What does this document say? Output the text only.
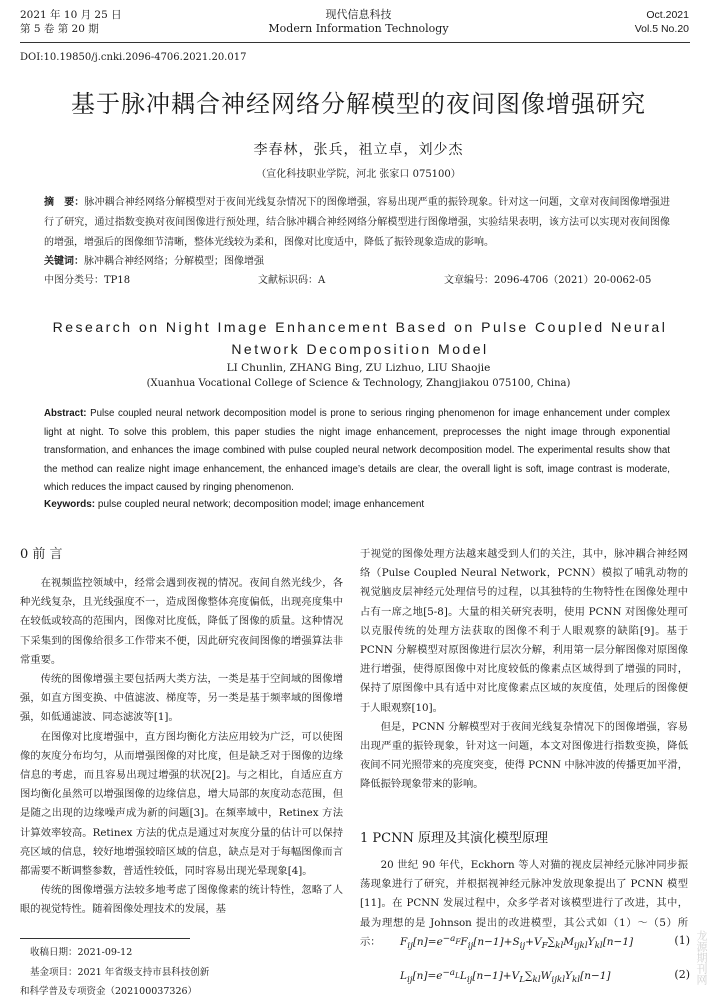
2021 年 10 月 25 日
第 5 卷 第 20 期
现代信息科技
Modern Information Technology
Oct.2021
Vol.5 No.20
DOI:10.19850/j.cnki.2096-4706.2021.20.017
基于脉冲耦合神经网络分解模型的夜间图像增强研究
李春林，张兵，祖立卓，刘少杰
（宣化科技职业学院，河北 张家口 075100）
摘　要：脉冲耦合神经网络分解模型对于夜间光线复杂情况下的图像增强，容易出现严重的振铃现象。针对这一问题，文章对夜间图像增强进行了研究，通过指数变换对夜间图像进行预处理，结合脉冲耦合神经网络分解模型进行图像增强，实验结果表明，该方法可以实现对夜间图像的增强，增强后的图像细节清晰，整体光线较为柔和，图像对比度适中，降低了振铃现象造成的影响。
关键词：脉冲耦合神经网络；分解模型；图像增强
中图分类号：TP18	文献标识码：A	文章编号：2096-4706（2021）20-0062-05
Research on Night Image Enhancement Based on Pulse Coupled Neural Network Decomposition Model
LI Chunlin, ZHANG Bing, ZU Lizhuo, LIU Shaojie
(Xuanhua Vocational College of Science & Technology, Zhangjiakou 075100, China)
Abstract: Pulse coupled neural network decomposition model is prone to serious ringing phenomenon for image enhancement under complex light at night. To solve this problem, this paper studies the night image enhancement, preprocesses the night image through exponential transformation, and enhances the image combined with pulse coupled neural network decomposition model. The experimental results show that the method can realize night image enhancement, the enhanced image’s details are clear, the overall light is soft, image contrast is moderate, which reduces the impact caused by ringing phenomenon.
Keywords: pulse coupled neural network; decomposition model; image enhancement
0 前 言

在视频监控领域中，经常会遇到夜视的情况。夜间自然光线少，各种光线复杂，且光线强度不一，造成图像整体亮度偏低，出现亮度集中在较低或较高的范围内，图像对比度低，降低了图像的质量。这种情况下采集到的图像给很多工作带来不便，因此研究夜间图像的增强算法非常重要。

传统的图像增强主要包括两大类方法，一类是基于空间域的图像增强，如直方图变换、中值滤波、梯度等，另一类是基于频率域的图像增强，如低通滤波、同态滤波等[1]。

在图像对比度增强中，直方图均衡化方法应用较为广泛，可以使图像的灰度分布均匀，从而增强图像的对比度，但是缺乏对于图像的边缘信息的考虑，而且容易出现过增强的状况[2]。与之相比，自适应直方图均衡化虽然可以增强图像的边缘信息，增大局部的灰度动态范围，但是随之出现的边缘噪声成为新的问题[3]。在频率域中，Retinex 方法计算效率较高。Retinex 方法的优点是通过对灰度分量的估计可以保持亮区域的信息，较好地增强较暗区域的信息，缺点是对于每幅图像而言都需要不断调整参数，普适性较低，同时容易出现光晕现象[4]。

传统的图像增强方法较多地考虑了图像像素的统计特性，忽略了人眼的视觉特性。随着图像处理技术的发展，基

于视觉的图像处理方法越来越受到人们的关注，其中，脉冲耦合神经网络（Pulse Coupled Neural Network，PCNN）模拟了哺乳动物的视觉脑皮层神经元处理信号的过程，以其独特的生物特性在图像处理中占有一席之地[5-8]。大量的相关研究表明，使用 PCNN 对图像处理可以克服传统的处理方法获取的图像不利于人眼观察的缺陷[9]。基于 PCNN 分解模型对原图像进行层次分解，利用第一层分解图像对原图像进行增强，使得原图像中对比度较低的像素点区域得到了增强的同时，保持了原图像中具有适中对比度像素点区域的灰度值，处理后的图像便于人眼观察[10]。

但是，PCNN 分解模型对于夜间光线复杂情况下的图像增强，容易出现严重的振铃现象，针对这一问题，本文对图像进行指数变换，降低夜间不同光照带来的亮度突变，使得 PCNN 中脉冲波的传播更加平滑，降低振铃现象带来的影响。

1 PCNN 原理及其演化模型原理

20 世纪 90 年代，Eckhorn 等人对猫的视皮层神经元脉冲同步振荡现象进行了研究，并根据视神经元脉冲发放现象提出了 PCNN 模型[11]。在 PCNN 发展过程中，众多学者对该模型进行了改进，其中，最为理想的是 Johnson 提出的改进模型，其公式如（1）～（5）所示：	$F_{ij}[n]=e^{-a_F}F_{ij}[n-1]+S_{ij}+V_F\sum_{kl}M_{ijkl}Y_{kl}[n-1]$	(1)
$L_{ij}[n]=e^{-a_L}L_{ij}[n-1]+V_L\sum_{kl}W_{ijkl}Y_{kl}[n-1]$	(2)
收稿日期：2021-09-12
基金项目：2021 年省级支持市县科技创新
和科学普及专项资金（202100037326）
龙源期刊网
